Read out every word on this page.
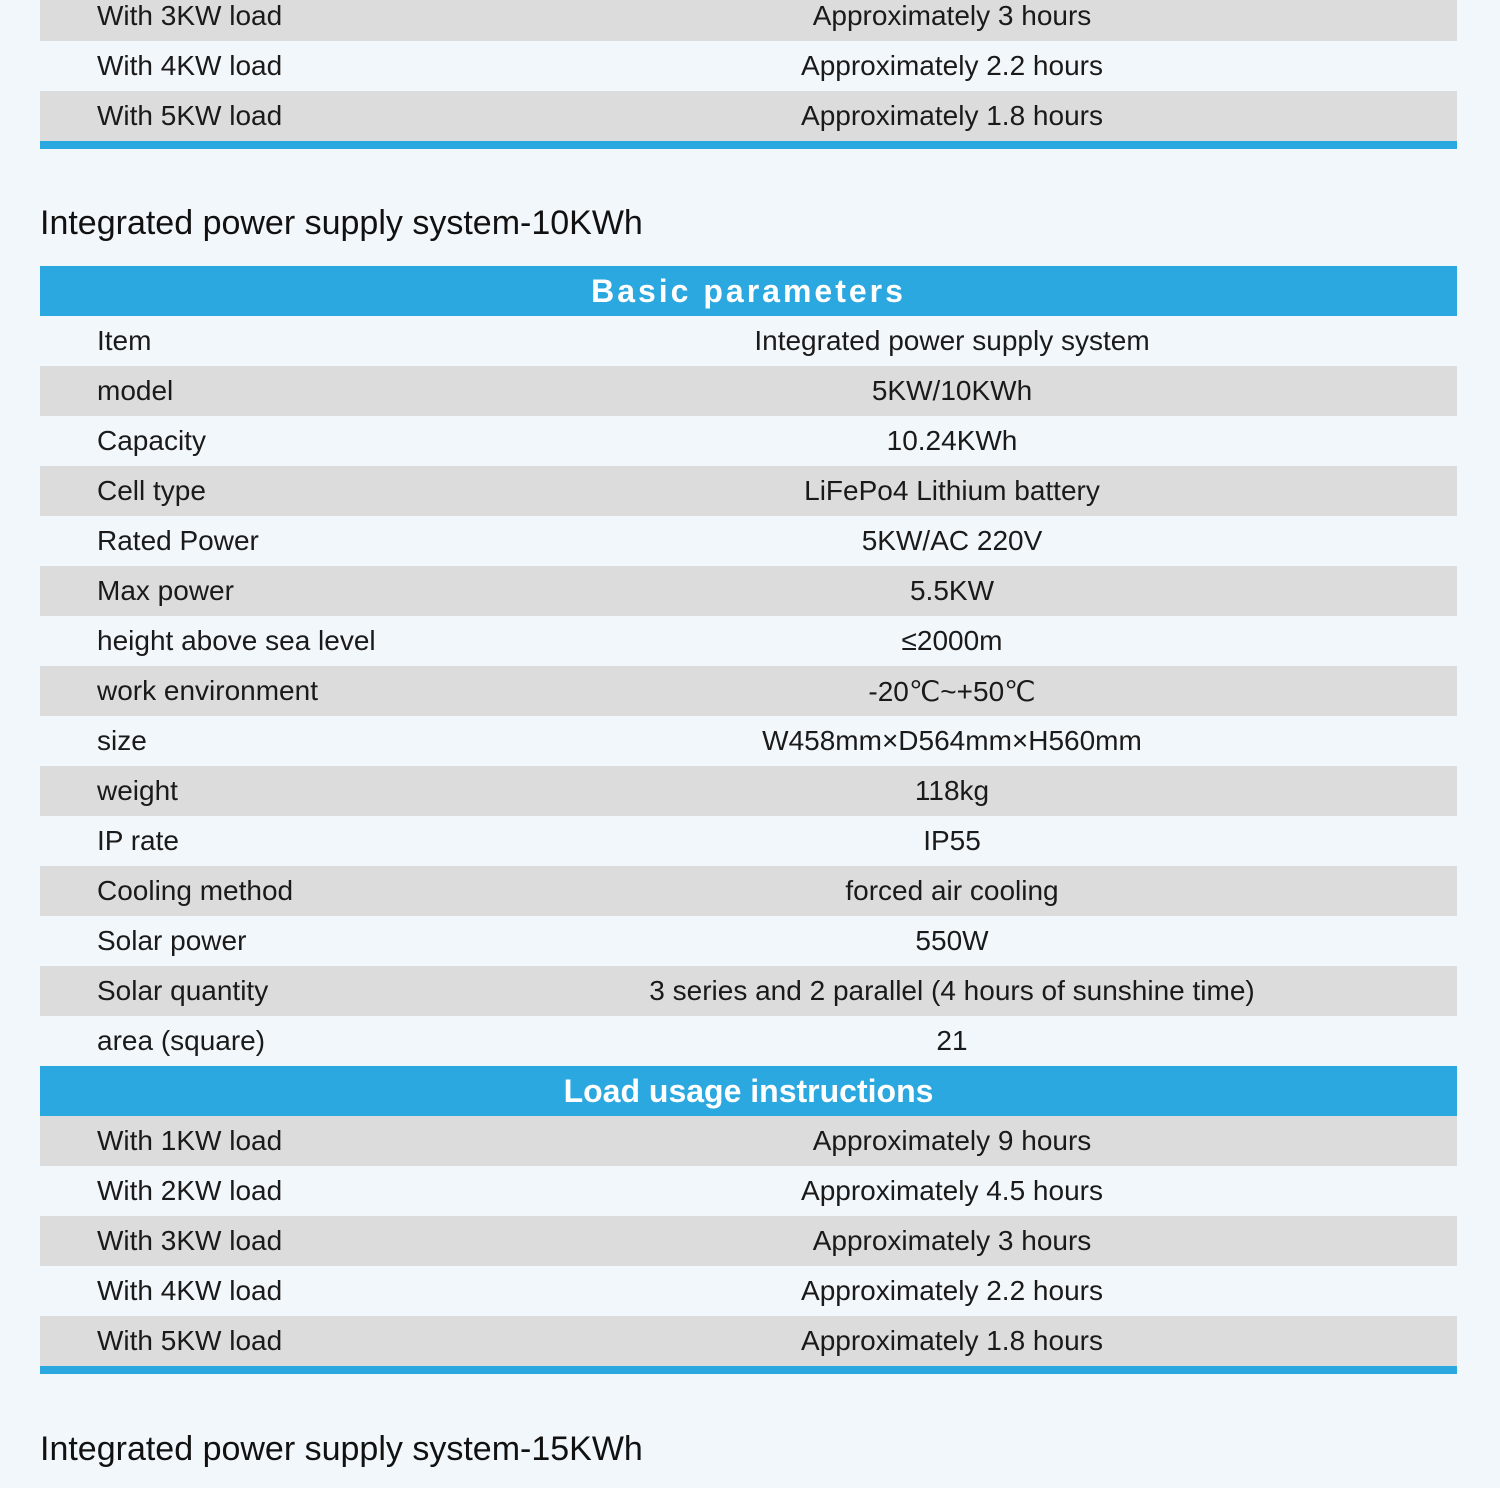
With 3KW load	Approximately 3 hours
With 4KW load	Approximately 2.2 hours
With 5KW load	Approximately 1.8 hours
Integrated power supply system-10KWh
Basic parameters
Item	Integrated power supply system
model	5KW/10KWh
Capacity	10.24KWh
Cell type	LiFePo4 Lithium battery
Rated Power	5KW/AC 220V
Max power	5.5KW
height above sea level	≤2000m
work environment	-20℃~+50℃
size	W458mm×D564mm×H560mm
weight	118kg
IP rate	IP55
Cooling method	forced air cooling
Solar power	550W
Solar quantity	3 series and 2 parallel (4 hours of sunshine time)
area (square)	21
Load usage instructions
With 1KW load	Approximately 9 hours
With 2KW load	Approximately 4.5 hours
With 3KW load	Approximately 3 hours
With 4KW load	Approximately 2.2 hours
With 5KW load	Approximately 1.8 hours
Integrated power supply system-15KWh
